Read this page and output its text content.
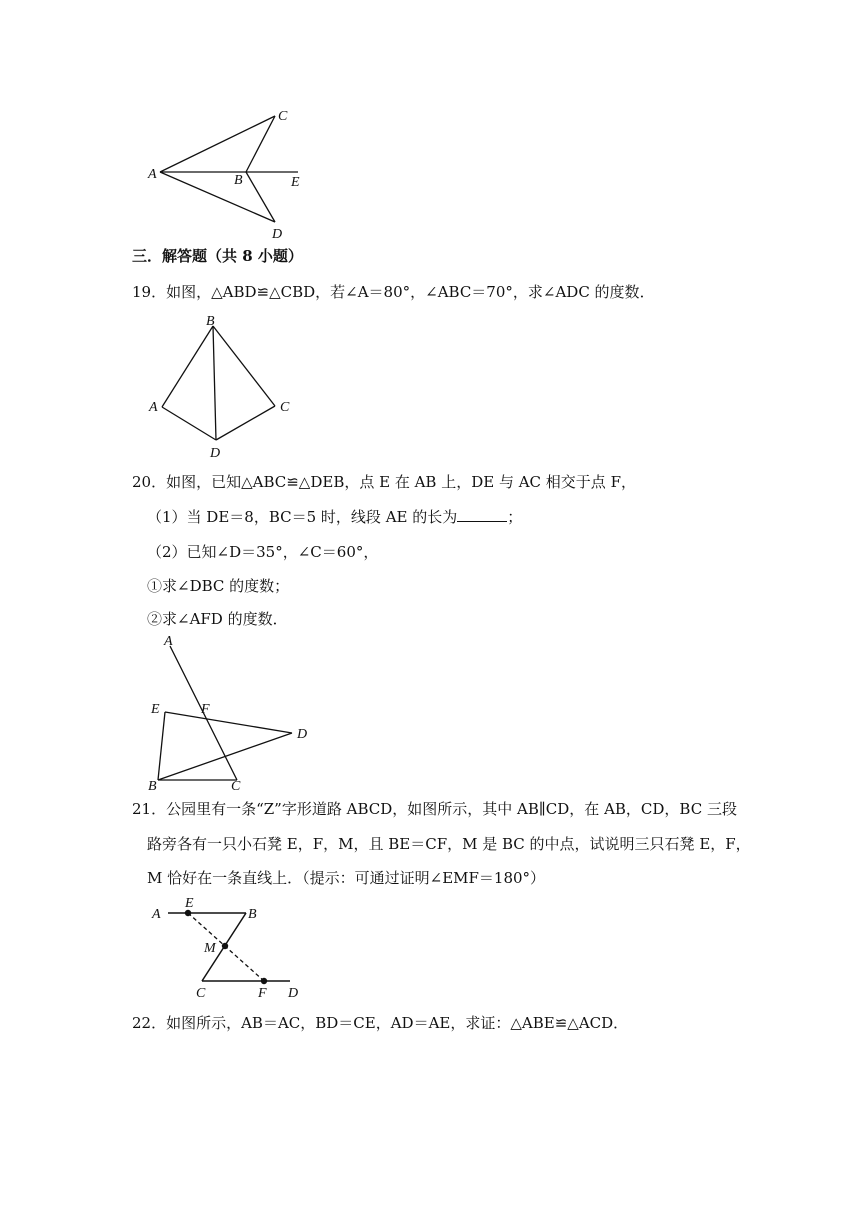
A	B
C
D
E
三．解答题（共 8 小题）
19．如图，△ABD≌△CBD，若∠A＝80°，∠ABC＝70°，求∠ADC 的度数．
B
A	C
D
20．如图，已知△ABC≌△DEB，点 E 在 AB 上，DE 与 AC 相交于点 F，
（1）当 DE＝8，BC＝5 时，线段 AE 的长为	；
（2）已知∠D＝35°，∠C＝60°，
①求∠DBC 的度数；
②求∠AFD 的度数．
A
E	F
D
B	C
21．公园里有一条“Z”字形道路 ABCD，如图所示，其中 AB∥CD，在 AB，CD，BC 三段
路旁各有一只小石凳 E，F，M，且 BE＝CF，M 是 BC 的中点，试说明三只石凳 E，F，
M 恰好在一条直线上．（提示：可通过证明∠EMF＝180°）
A
E
B
M
C	F D
22．如图所示，AB＝AC，BD＝CE，AD＝AE，求证：△ABE≌△ACD．
